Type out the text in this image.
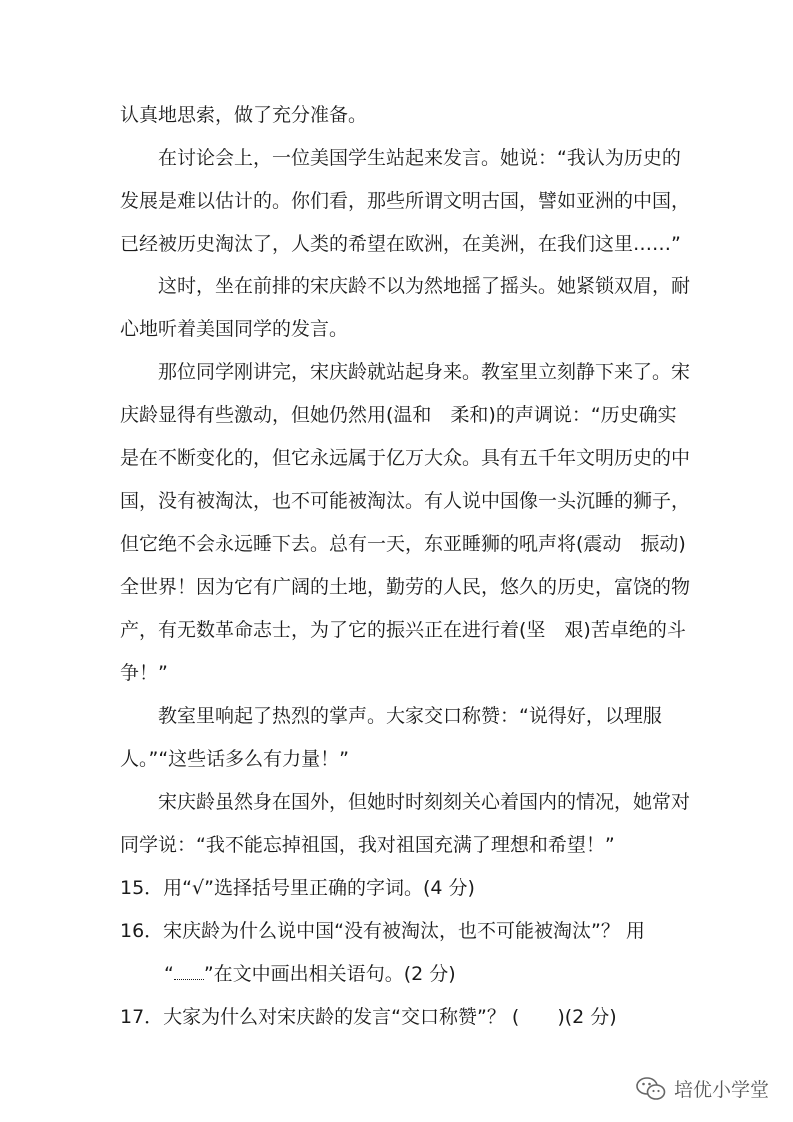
认真地思索，做了充分准备。
在讨论会上，一位美国学生站起来发言。她说：“我认为历史的
发展是难以估计的。你们看，那些所谓文明古国，譬如亚洲的中国，
已经被历史淘汰了，人类的希望在欧洲，在美洲，在我们这里……”
这时，坐在前排的宋庆龄不以为然地摇了摇头。她紧锁双眉，耐
心地听着美国同学的发言。
那位同学刚讲完，宋庆龄就站起身来。教室里立刻静下来了。宋
庆龄显得有些激动，但她仍然用(温和　柔和)的声调说：“历史确实
是在不断变化的，但它永远属于亿万大众。具有五千年文明历史的中
国，没有被淘汰，也不可能被淘汰。有人说中国像一头沉睡的狮子，
但它绝不会永远睡下去。总有一天，东亚睡狮的吼声将(震动　振动)
全世界！因为它有广阔的土地，勤劳的人民，悠久的历史，富饶的物
产，有无数革命志士，为了它的振兴正在进行着(坚　艰)苦卓绝的斗
争！”
教室里响起了热烈的掌声。大家交口称赞：“说得好，以理服
人。”“这些话多么有力量！”
宋庆龄虽然身在国外，但她时时刻刻关心着国内的情况，她常对
同学说：“我不能忘掉祖国，我对祖国充满了理想和希望！”
15．用“√”选择括号里正确的字词。(4 分)
16．宋庆龄为什么说中国“没有被淘汰，也不可能被淘汰”？ 用
“ ”在文中画出相关语句。(2 分)
17．大家为什么对宋庆龄的发言“交口称赞”？ (　　)(2 分)
培优小学堂
